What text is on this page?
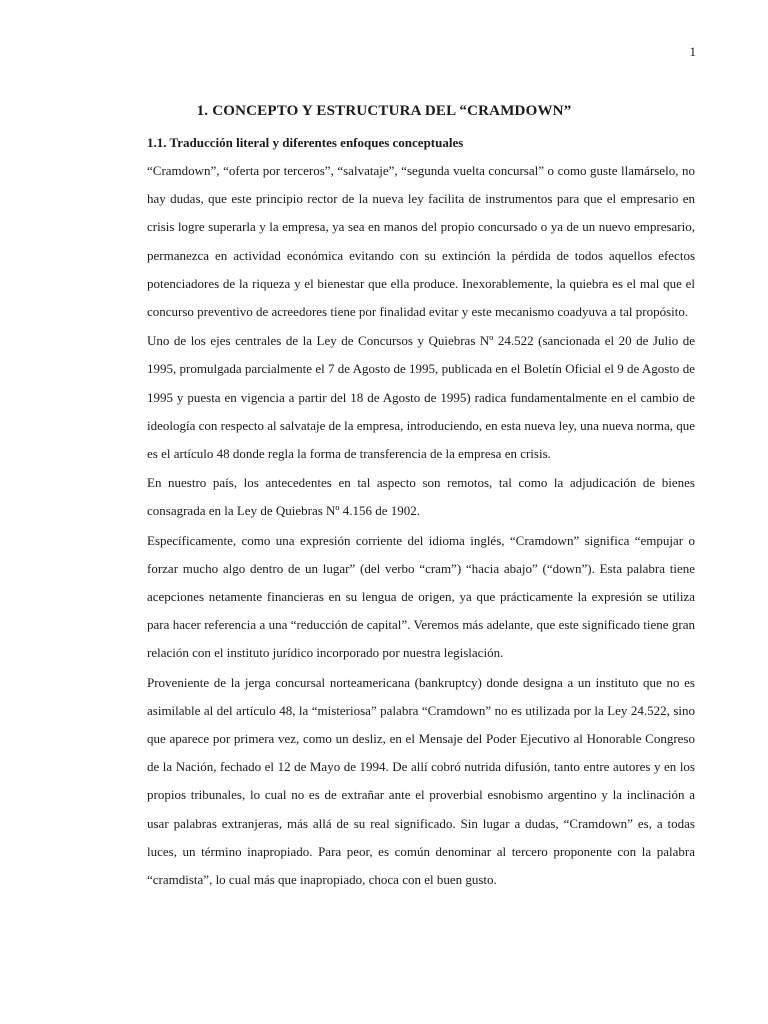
1
1. CONCEPTO Y ESTRUCTURA DEL “CRAMDOWN”
1.1. Traducción literal y diferentes enfoques conceptuales

“Cramdown”, “oferta por terceros”, “salvataje”, “segunda vuelta concursal” o como guste llamárselo, no hay dudas, que este principio rector de la nueva ley facilita de instrumentos para que el empresario en crisis logre superarla y la empresa, ya sea en manos del propio concursado o ya de un nuevo empresario, permanezca en actividad económica evitando con su extinción la pérdida de todos aquellos efectos potenciadores de la riqueza y el bienestar que ella produce. Inexorablemente, la quiebra es el mal que el concurso preventivo de acreedores tiene por finalidad evitar y este mecanismo coadyuva a tal propósito.

Uno de los ejes centrales de la Ley de Concursos y Quiebras Nº 24.522 (sancionada el 20 de Julio de 1995, promulgada parcialmente el 7 de Agosto de 1995, publicada en el Boletín Oficial el 9 de Agosto de 1995 y puesta en vigencia a partir del 18 de Agosto de 1995) radica fundamentalmente en el cambio de ideología con respecto al salvataje de la empresa, introduciendo, en esta nueva ley, una nueva norma, que es el artículo 48 donde regla la forma de transferencia de la empresa en crisis.

En nuestro país, los antecedentes en tal aspecto son remotos, tal como la adjudicación de bienes consagrada en la Ley de Quiebras Nº 4.156 de 1902.

Específicamente, como una expresión corriente del idioma inglés, “Cramdown” significa “empujar o forzar mucho algo dentro de un lugar” (del verbo “cram”) “hacia abajo” (“down”). Esta palabra tiene acepciones netamente financieras en su lengua de origen, ya que prácticamente la expresión se utiliza para hacer referencia a una “reducción de capital”. Veremos más adelante, que este significado tiene gran relación con el instituto jurídico incorporado por nuestra legislación.

Proveniente de la jerga concursal norteamericana (bankruptcy) donde designa a un instituto que no es asimilable al del artículo 48, la “misteriosa” palabra “Cramdown” no es utilizada por la Ley 24.522, sino que aparece por primera vez, como un desliz, en el Mensaje del Poder Ejecutivo al Honorable Congreso de la Nación, fechado el 12 de Mayo de 1994. De allí cobró nutrida difusión, tanto entre autores y en los propios tribunales, lo cual no es de extrañar ante el proverbial esnobismo argentino y la inclinación a usar palabras extranjeras, más allá de su real significado. Sin lugar a dudas, “Cramdown” es, a todas luces, un término inapropiado. Para peor, es común denominar al tercero proponente con la palabra “cramdista”, lo cual más que inapropiado, choca con el buen gusto.
